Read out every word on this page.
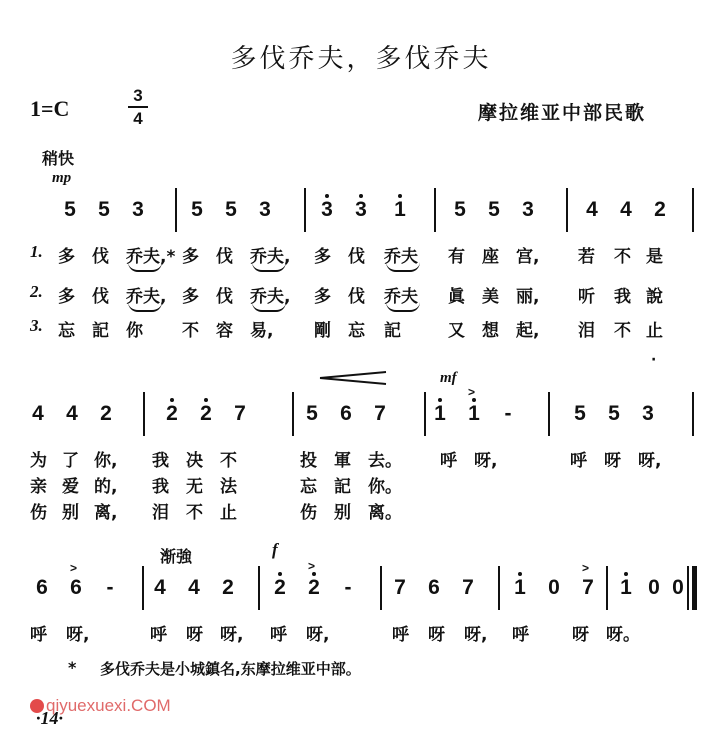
多伐乔夫，多伐乔夫
1=C
3
4	摩拉维亚中部民歌
稍快
mp
5 5 3 5 5 3 3 3 1 5 5 3 4 4 2
1. 多 伐 乔夫,* 多 伐 乔夫, 多 伐 乔夫 有 座 宫, 若 不 是
2. 多 伐 乔夫, 多 伐 乔夫, 多 伐 乔夫 眞 美 丽, 听 我 說
3. 忘 記 你 不 容 易, 剛 忘 記	又 想 起, 泪 不 止
mf
·
4 4 2	2 2 7	5 6 7 1
>
1	-	5 5 3
为 了 你, 我 决 不	投 軍 去。 呼 呀,	呼 呀 呀,
亲 爱 的, 我 无 法	忘 記 你。
伤 别 离, 泪 不 止	伤 别 离。
渐強	f
6
>
6	-	4 4 2 2
>
2	-	7 6 7 1 0
>
7 1 0 0
呼 呀,	呼 呀 呀, 呼 呀,	呼 呀 呀, 呼	呀 呀。
* 多伐乔夫是小城鎮名,东摩拉维亚中部。
qiyuexuexi.COM
·14·
